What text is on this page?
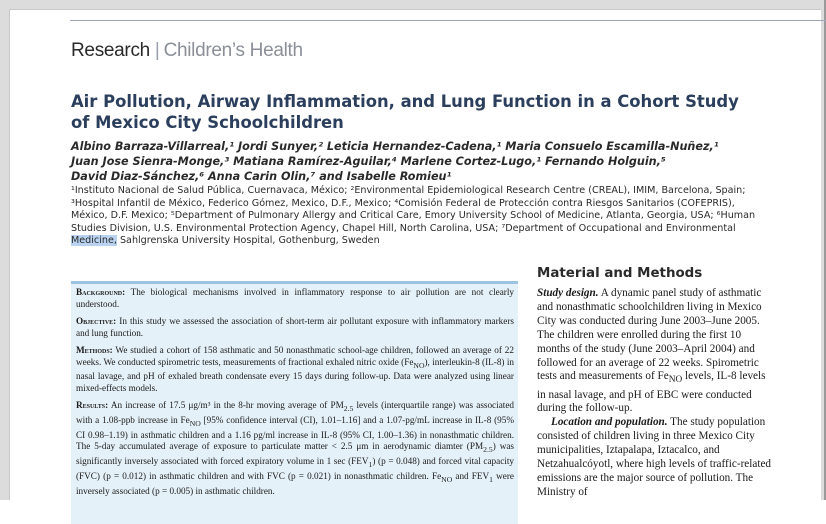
Research | Children’s Health
Air Pollution, Airway Inflammation, and Lung Function in a Cohort Study
of Mexico City Schoolchildren

Albino Barraza-Villarreal,¹ Jordi Sunyer,² Leticia Hernandez-Cadena,¹ Maria Consuelo Escamilla-Nuñez,¹
Juan Jose Sienra-Monge,³ Matiana Ramírez-Aguilar,⁴ Marlene Cortez-Lugo,¹ Fernando Holguin,⁵
David Diaz-Sánchez,⁶ Anna Carin Olin,⁷ and Isabelle Romieu¹

¹Instituto Nacional de Salud Pública, Cuernavaca, México; ²Environmental Epidemiological Research Centre (CREAL), IMIM, Barcelona, Spain; ³Hospital Infantil de México, Federico Gómez, Mexico, D.F., Mexico; ⁴Comisión Federal de Protección contra Riesgos Sanitarios (COFEPRIS), México, D.F. Mexico; ⁵Department of Pulmonary Allergy and Critical Care, Emory University School of Medicine, Atlanta, Georgia, USA; ⁶Human Studies Division, U.S. Environmental Protection Agency, Chapel Hill, North Carolina, USA; ⁷Department of Occupational and Environmental Medicine, Sahlgrenska University Hospital, Gothenburg, Sweden

Background: The biological mechanisms involved in inflammatory response to air pollution are not clearly understood.

Objective: In this study we assessed the association of short-term air pollutant exposure with inflammatory markers and lung function.

Methods: We studied a cohort of 158 asthmatic and 50 nonasthmatic school-age children, followed an average of 22 weeks. We conducted spirometric tests, measurements of fractional exhaled nitric oxide $(Fe_{NO})$, interleukin-8 (IL-8) in nasal lavage, and pH of exhaled breath condensate every 15 days during follow-up. Data were analyzed using linear mixed-effects models.

Results: An increase of 17.5 μg/m³ in the 8-hr moving average of $PM_{2.5}$ levels (interquartile range) was associated with a 1.08-ppb increase in $Fe_{NO}$ [95% confidence interval (CI), 1.01–1.16] and a 1.07-pg/mL increase in IL-8 (95% CI 0.98–1.19) in asthmatic children and a 1.16 pg/ml increase in IL-8 (95% CI, 1.00–1.36) in nonasthmatic children. The 5-day accumulated average of exposure to particulate matter < 2.5 μm in aerodynamic diamter $(PM_{2.5})$ was significantly inversely associated with forced expiratory volume in 1 $\sec (FEV_1) (p = 0.048)$ and forced vital capacity (FVC) (p = 0.012) in asthmatic children and with FVC (p = 0.021) in nonasthmatic children. $Fe_{NO}$ and $FEV_1$ were inversely associated (p = 0.005) in asthmatic children.

Material and Methods

Study design. A dynamic panel study of asthmatic and nonasthmatic schoolchildren living in Mexico City was conducted during June 2003–June 2005. The children were enrolled during the first 10 months of the study (June 2003–April 2004) and followed for an average of 22 weeks. Spirometric tests and measurements of $Fe_{NO}$ levels, IL-8 levels in nasal lavage, and pH of EBC were conducted during the follow-up.

Location and population. The study population consisted of children living in three Mexico City municipalities, Iztapalapa, Iztacalco, and Netzahualcóyotl, where high levels of traffic-related emissions are the major source of pollution. The Ministry of
